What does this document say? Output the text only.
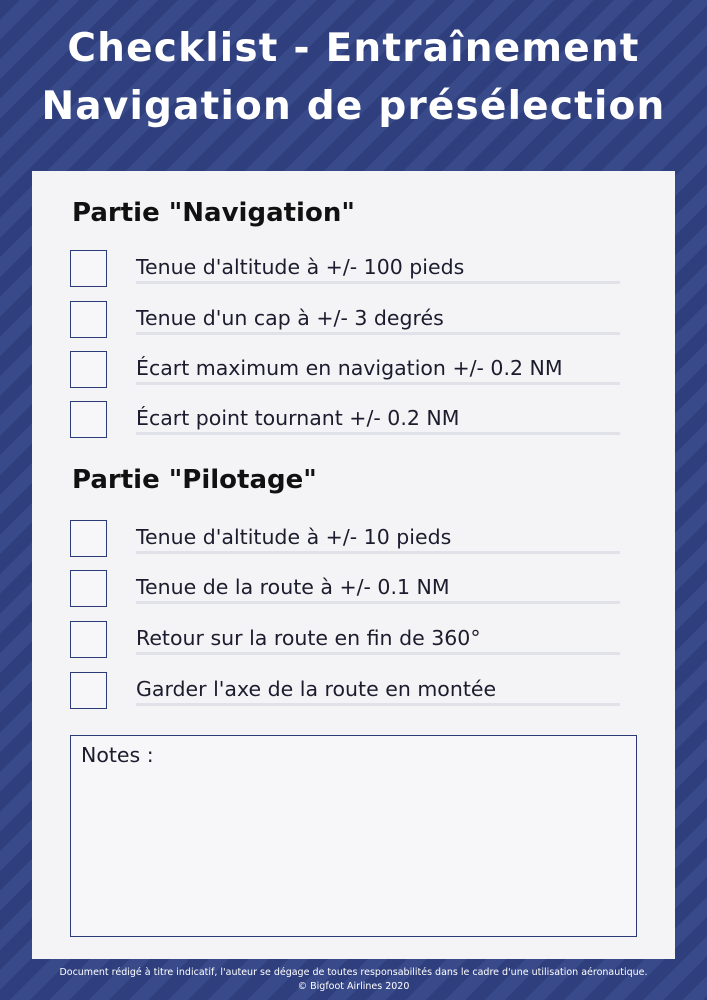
Checklist - Entraînement
Navigation de présélection
Partie "Navigation"
Tenue d'altitude à +/- 100 pieds
Tenue d'un cap à +/- 3 degrés
Écart maximum en navigation +/- 0.2 NM
Écart point tournant +/- 0.2 NM
Partie "Pilotage"
Tenue d'altitude à +/- 10 pieds
Tenue de la route à +/- 0.1 NM
Retour sur la route en fin de 360°
Garder l'axe de la route en montée
Notes :
Document rédigé à titre indicatif, l'auteur se dégage de toutes responsabilités dans le cadre d'une utilisation aéronautique.
© Bigfoot Airlines 2020
